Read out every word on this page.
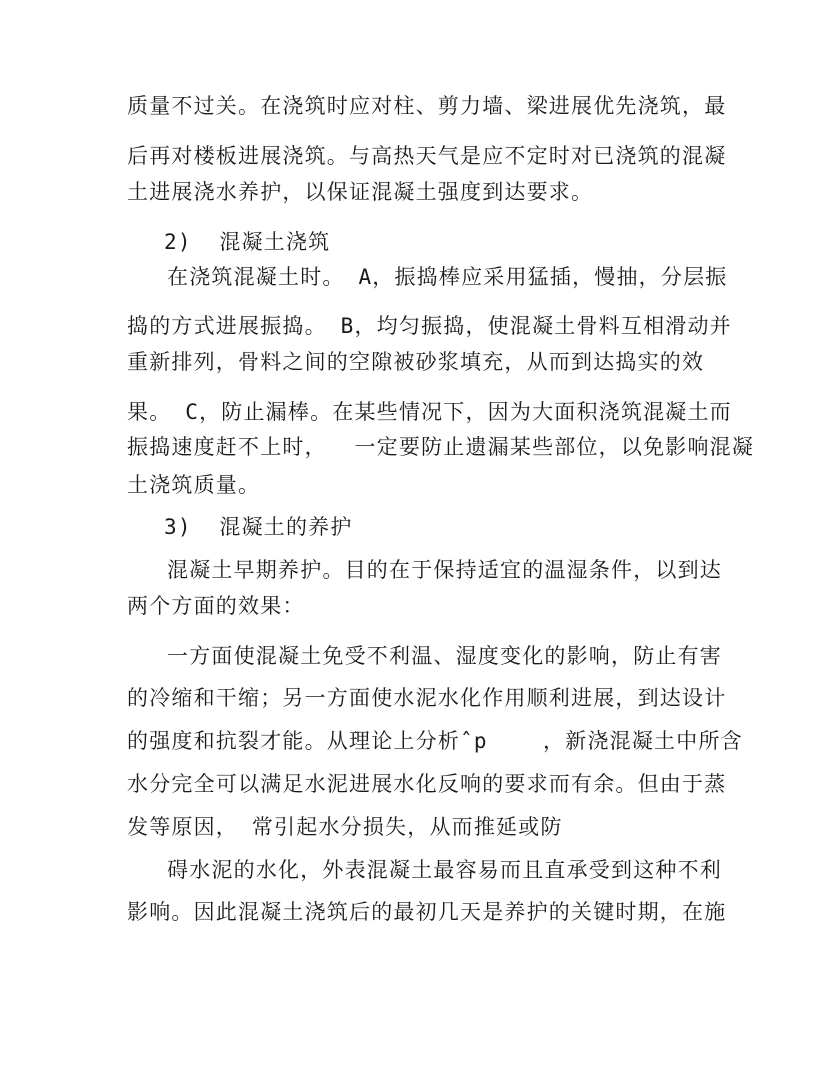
质量不过关。在浇筑时应对柱、剪力墙、梁进展优先浇筑，最
后再对楼板进展浇筑。与高热天气是应不定时对已浇筑的混凝
土进展浇水养护，以保证混凝土强度到达要求。
2)  混凝土浇筑
在浇筑混凝土时。 A，振捣棒应采用猛插，慢抽，分层振
捣的方式进展振捣。 B，均匀振捣，使混凝土骨料互相滑动并
重新排列，骨料之间的空隙被砂浆填充，从而到达捣实的效
果。 C，防止漏棒。在某些情况下，因为大面积浇筑混凝土而
振捣速度赶不上时，  一定要防止遗漏某些部位，以免影响混凝
土浇筑质量。
3)  混凝土的养护
混凝土早期养护。目的在于保持适宜的温湿条件，以到达
两个方面的效果：
一方面使混凝土免受不利温、湿度变化的影响，防止有害
的冷缩和干缩；另一方面使水泥水化作用顺利进展，到达设计
的强度和抗裂才能。从理论上分析ˆp    ，新浇混凝土中所含
水分完全可以满足水泥进展水化反响的要求而有余。但由于蒸
发等原因， 常引起水分损失，从而推延或防
碍水泥的水化，外表混凝土最容易而且直承受到这种不利
影响。因此混凝土浇筑后的最初几天是养护的关键时期，在施
